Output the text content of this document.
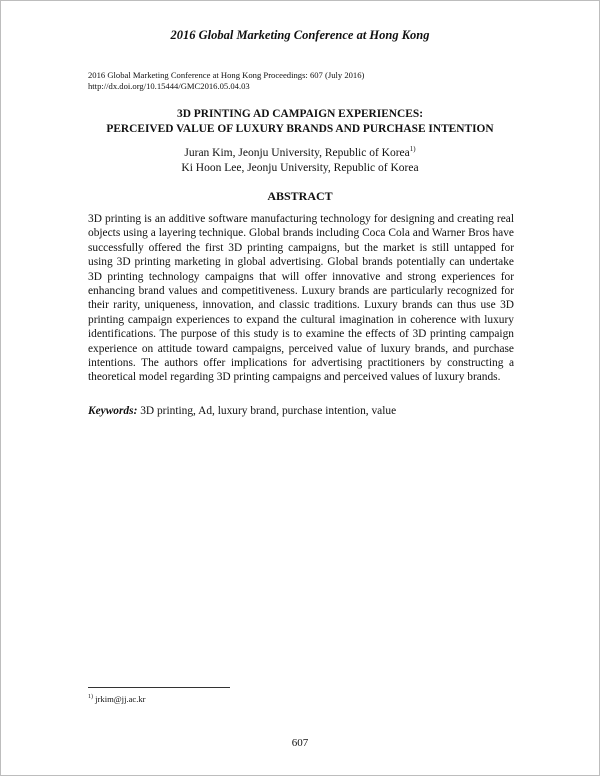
2016 Global Marketing Conference at Hong Kong
2016 Global Marketing Conference at Hong Kong Proceedings: 607 (July 2016)
http://dx.doi.org/10.15444/GMC2016.05.04.03
3D PRINTING AD CAMPAIGN EXPERIENCES:
PERCEIVED VALUE OF LUXURY BRANDS AND PURCHASE INTENTION
Juran Kim, Jeonju University, Republic of Korea$^{1)}$
Ki Hoon Lee, Jeonju University, Republic of Korea
ABSTRACT
3D printing is an additive software manufacturing technology for designing and creating real objects using a layering technique. Global brands including Coca Cola and Warner Bros have successfully offered the first 3D printing campaigns, but the market is still untapped for using 3D printing marketing in global advertising. Global brands potentially can undertake 3D printing technology campaigns that will offer innovative and strong experiences for enhancing brand values and competitiveness. Luxury brands are particularly recognized for their rarity, uniqueness, innovation, and classic traditions. Luxury brands can thus use 3D printing campaign experiences to expand the cultural imagination in coherence with luxury identifications. The purpose of this study is to examine the effects of 3D printing campaign experience on attitude toward campaigns, perceived value of luxury brands, and purchase intentions. The authors offer implications for advertising practitioners by constructing a theoretical model regarding 3D printing campaigns and perceived values of luxury brands.
Keywords: 3D printing, Ad, luxury brand, purchase intention, value
$^{1)}$ jrkim@jj.ac.kr
607
